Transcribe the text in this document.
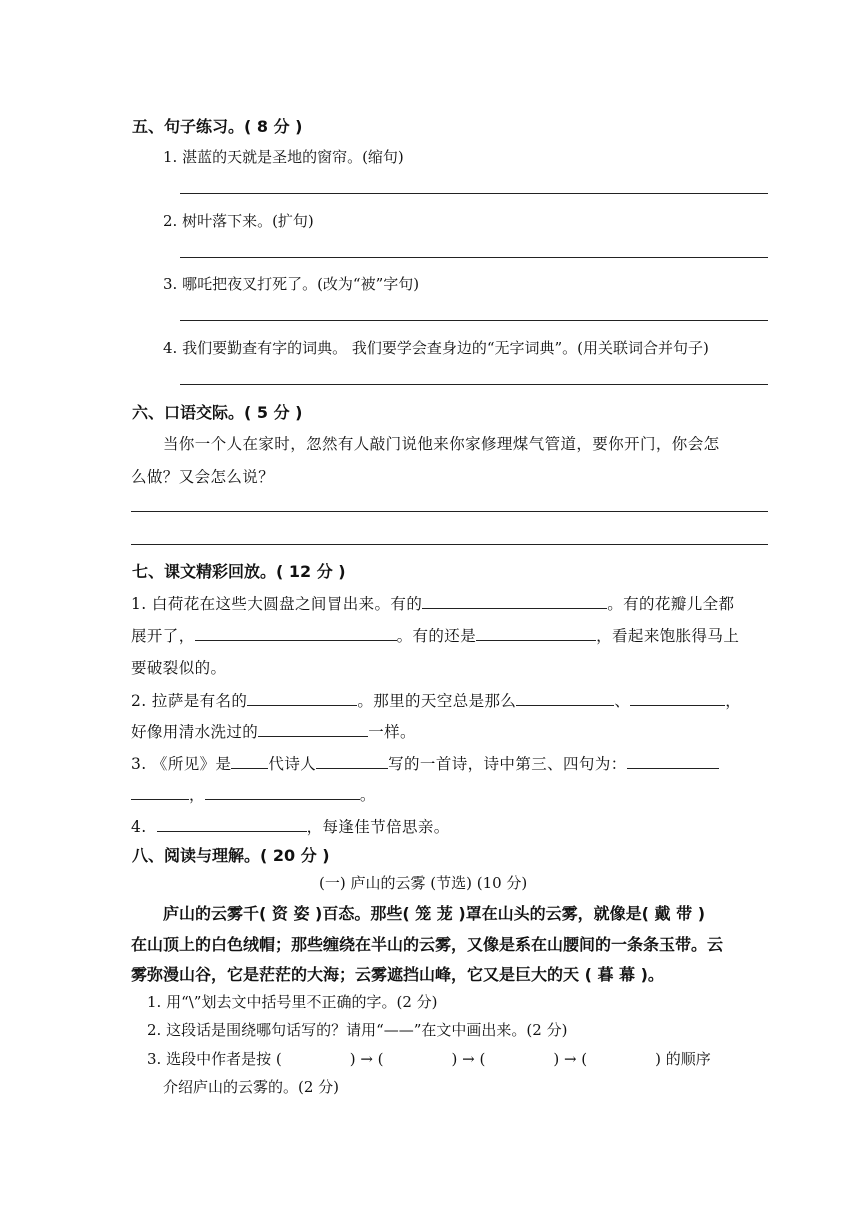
五、句子练习。( 8 分 )
1. 湛蓝的天就是圣地的窗帘。(缩句)
2. 树叶落下来。(扩句)
3. 哪吒把夜叉打死了。(改为“被”字句)
4. 我们要勤查有字的词典。 我们要学会查身边的“无字词典”。(用关联词合并句子)
六、口语交际。( 5 分 )
当你一个人在家时，忽然有人敲门说他来你家修理煤气管道，要你开门，你会怎
么做？又会怎么说？
七、课文精彩回放。( 12 分 )
1. 白荷花在这些大圆盘之间冒出来。有的	。有的花瓣儿全都
展开了，	。有的还是	，看起来饱胀得马上
要破裂似的。
2. 拉萨是有名的	。那里的天空总是那么	、	，
好像用清水洗过的	一样。
3. 《所见》是 代诗人	写的一首诗，诗中第三、四句为：
，	。
4.	，每逢佳节倍思亲。
八、阅读与理解。( 20 分 )
(一) 庐山的云雾 (节选) (10 分)
庐山的云雾千( 资 姿 )百态。那些( 笼 茏 )罩在山头的云雾，就像是( 戴 带 )
在山顶上的白色绒帽；那些缠绕在半山的云雾，又像是系在山腰间的一条条玉带。云
雾弥漫山谷，它是茫茫的大海；云雾遮挡山峰，它又是巨大的天 ( 暮 幕 )。
1. 用“\”划去文中括号里不正确的字。(2 分)
2. 这段话是围绕哪句话写的？请用“——”在文中画出来。(2 分)
3. 选段中作者是按 (	) → (	) → (	) → (	) 的顺序
介绍庐山的云雾的。(2 分)
